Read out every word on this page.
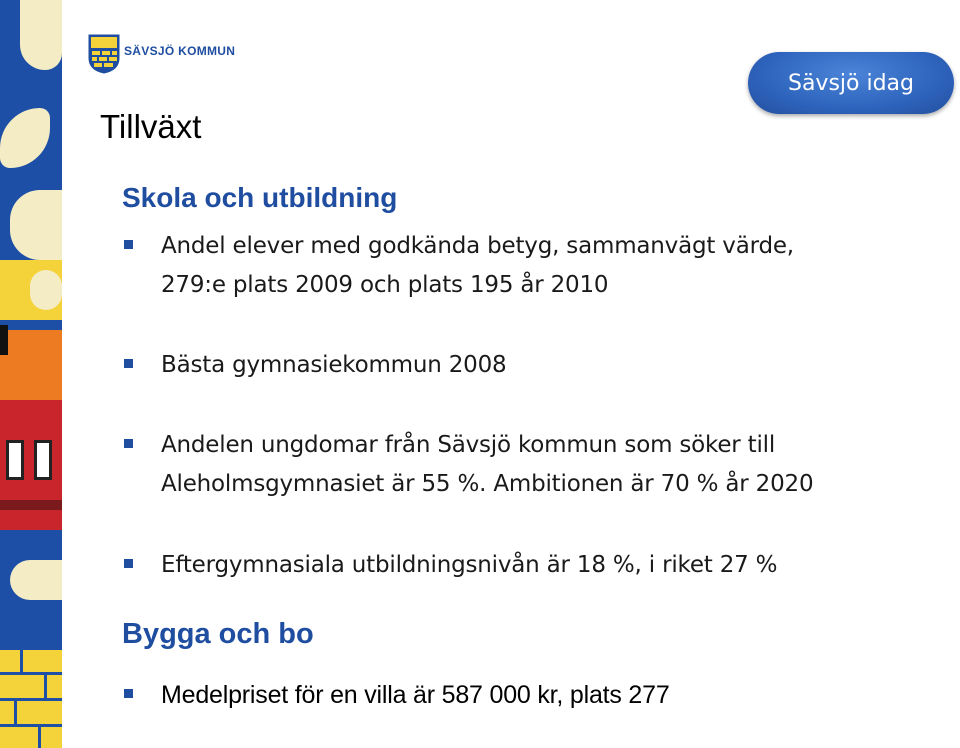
SÄVSJÖ KOMMUN
Sävsjö idag
Tillväxt
Skola och utbildning
Andel elever med godkända betyg, sammanvägt värde,
279:e plats 2009 och plats 195 år 2010
Bästa gymnasiekommun 2008
Andelen ungdomar från Sävsjö kommun som söker till
Aleholmsgymnasiet är 55 %. Ambitionen är 70 % år 2020
Eftergymnasiala utbildningsnivån är 18 %, i riket 27 %
Bygga och bo
Medelpriset för en villa är 587 000 kr, plats 277
